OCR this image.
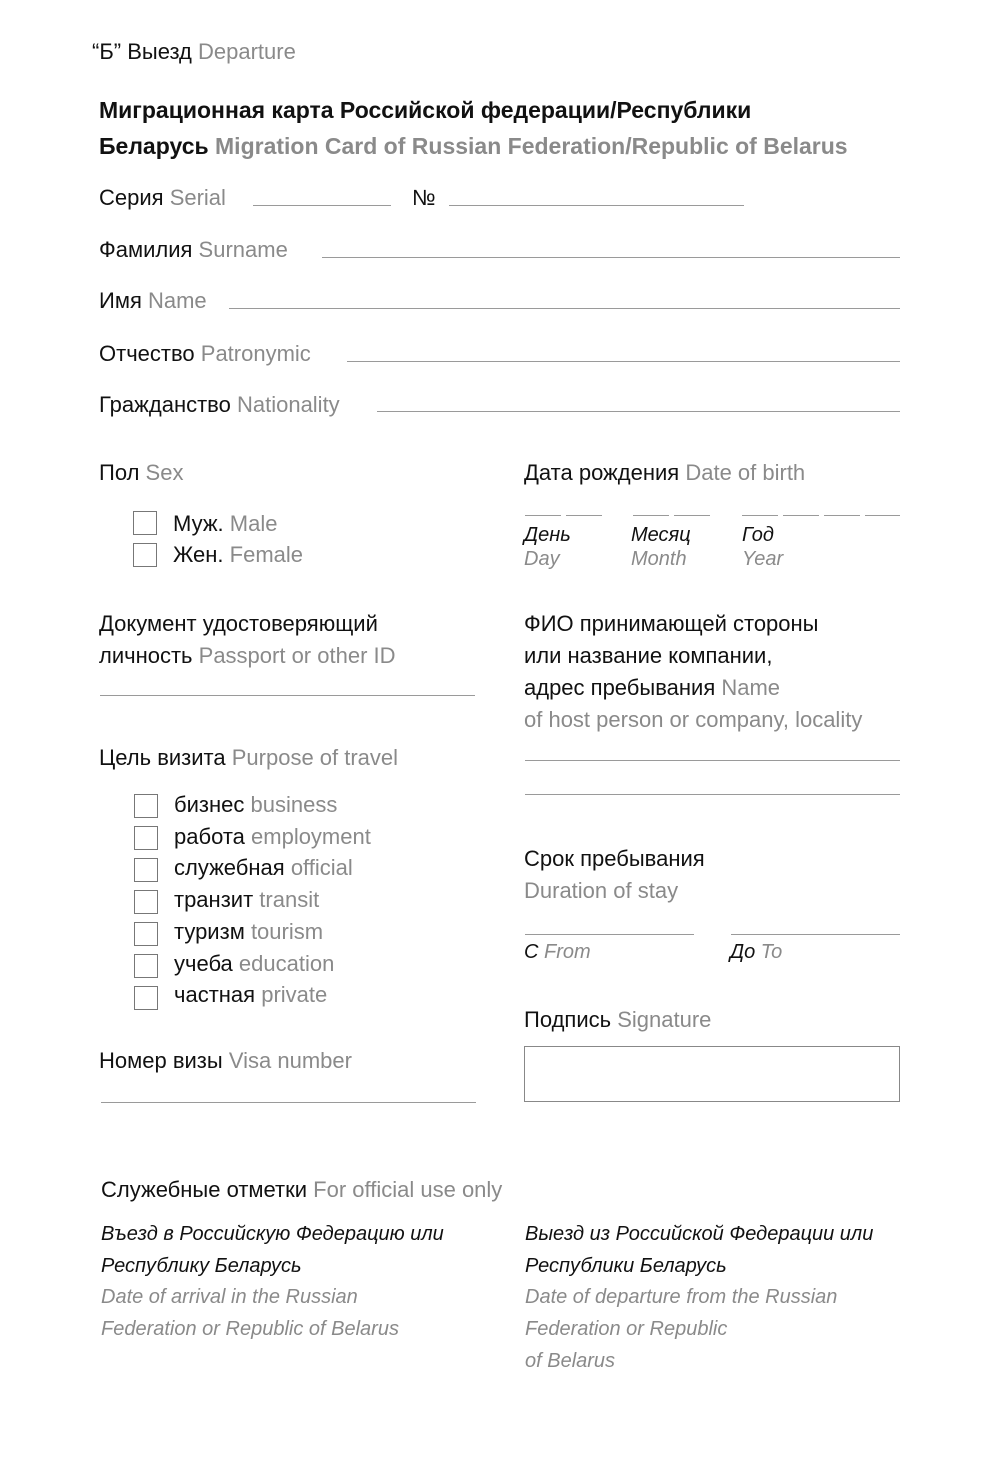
“Б” Выезд Departure
Миграционная карта Российской федерации/Республики
Беларусь Migration Card of Russian Federation/Republic of Belarus
Серия Serial	№
Фамилия Surname
Имя Name
Отчество Patronymic
Гражданство Nationality
Пол Sex
Муж. Male
Жен. Female
Дата рождения Date of birth
День
Day
Месяц
Month
Год
Year
Документ удостоверяющий
личность Passport or other ID
ФИО принимающей стороны
или название компании,
адрес пребывания Name
of host person or company, locality
Цель визита Purpose of travel
бизнес business
работа employment
служебная official
транзит transit
туризм tourism
учеба education
частная private
Срок пребывания
Duration of stay
С From	До To
Подпись Signature
Номер визы Visa number
Служебные отметки For official use only
Въезд в Российскую Федерацию или
Республику Беларусь
Date of arrival in the Russian
Federation or Republic of Belarus
Выезд из Российской Федерации или
Республики Беларусь
Date of departure from the Russian
Federation or Republic
of Belarus
